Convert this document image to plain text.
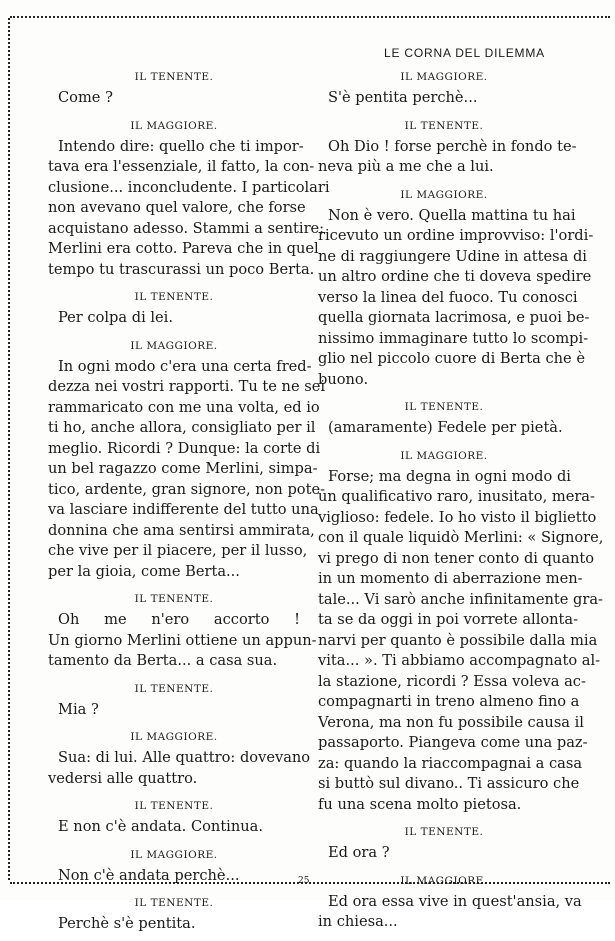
LE CORNA DEL DILEMMA
IL TENENTE.
Come ?
IL MAGGIORE.
Intendo dire: quello che ti impor-
tava era l'essenziale, il fatto, la con-
clusione... inconcludente. I particolari
non avevano quel valore, che forse
acquistano adesso. Stammi a sentire:
Merlini era cotto. Pareva che in quel
tempo tu trascurassi un poco Berta.
IL TENENTE.
Per colpa di lei.
IL MAGGIORE.
In ogni modo c'era una certa fred-
dezza nei vostri rapporti. Tu te ne sei
rammaricato con me una volta, ed io
ti ho, anche allora, consigliato per il
meglio. Ricordi ? Dunque: la corte di
un bel ragazzo come Merlini, simpa-
tico, ardente, gran signore, non pote-
va lasciare indifferente del tutto una
donnina che ama sentirsi ammirata,
che vive per il piacere, per il lusso,
per la gioia, come Berta...
IL TENENTE.
Oh me n'ero accorto !
Un giorno Merlini ottiene un appun-
tamento da Berta... a casa sua.
IL TENENTE.
Mia ?
IL MAGGIORE.
Sua: di lui. Alle quattro: dovevano
vedersi alle quattro.
IL TENENTE.
E non c'è andata. Continua.
IL MAGGIORE.
Non c'è andata perchè...
IL TENENTE.
Perchè s'è pentita.
IL MAGGIORE.
S'è pentita perchè...
IL TENENTE.
Oh Dio ! forse perchè in fondo te-
neva più a me che a lui.
IL MAGGIORE.
Non è vero. Quella mattina tu hai
ricevuto un ordine improvviso: l'ordi-
ne di raggiungere Udine in attesa di
un altro ordine che ti doveva spedire
verso la linea del fuoco. Tu conosci
quella giornata lacrimosa, e puoi be-
nissimo immaginare tutto lo scompi-
glio nel piccolo cuore di Berta che è
buono.
IL TENENTE.
(amaramente) Fedele per pietà.
IL MAGGIORE.
Forse; ma degna in ogni modo di
un qualificativo raro, inusitato, mera-
viglioso: fedele. Io ho visto il biglietto
con il quale liquidò Merlini: « Signore,
vi prego di non tener conto di quanto
in un momento di aberrazione men-
tale... Vi sarò anche infinitamente gra-
ta se da oggi in poi vorrete allonta-
narvi per quanto è possibile dalla mia
vita... ». Ti abbiamo accompagnato al-
la stazione, ricordi ? Essa voleva ac-
compagnarti in treno almeno fino a
Verona, ma non fu possibile causa il
passaporto. Piangeva come una paz-
za: quando la riaccompagnai a casa
si buttò sul divano.. Ti assicuro che
fu una scena molto pietosa.
IL TENENTE.
Ed ora ?
IL MAGGIORE.
Ed ora essa vive in quest'ansia, va
in chiesa...
25
